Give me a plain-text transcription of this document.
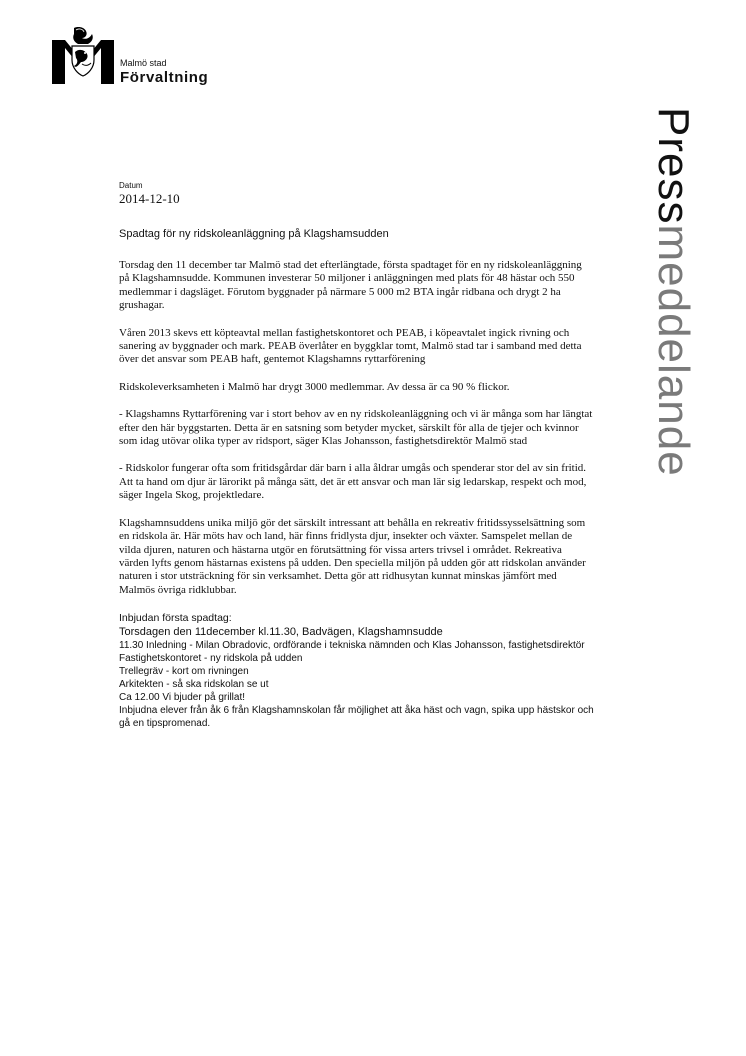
Malmö stad
Förvaltning
Pressmeddelande
Datum
2014-12-10
Spadtag för ny ridskoleanläggning på Klagshamsudden

Torsdag den 11 december tar Malmö stad det efterlängtade, första spadtaget för en ny ridskoleanläggning på Klagshamnsudde. Kommunen investerar 50 miljoner i anläggningen med plats för 48 hästar och 550 medlemmar i dagsläget. Förutom byggnader på närmare 5 000 m2 BTA ingår ridbana och drygt 2 ha grushagar.

Våren 2013 skevs ett köpteavtal mellan fastighetskontoret och PEAB, i köpeavtalet ingick rivning och sanering av byggnader och mark. PEAB överlåter en byggklar tomt, Malmö stad tar i samband med detta över det ansvar som PEAB haft, gentemot Klagshamns ryttarförening

Ridskoleverksamheten i Malmö har drygt 3000 medlemmar. Av dessa är ca 90 % flickor.

- Klagshamns Ryttarförening var i stort behov av en ny ridskoleanläggning och vi är många som har längtat efter den här byggstarten. Detta är en satsning som betyder mycket, särskilt för alla de tjejer och kvinnor som idag utövar olika typer av ridsport, säger Klas Johansson, fastighetsdirektör Malmö stad

- Ridskolor fungerar ofta som fritidsgårdar där barn i alla åldrar umgås och spenderar stor del av sin fritid. Att ta hand om djur är lärorikt på många sätt, det är ett ansvar och man lär sig ledarskap, respekt och mod, säger Ingela Skog, projektledare.

Klagshamnsuddens unika miljö gör det särskilt intressant att behålla en rekreativ fritidssysselsättning som en ridskola är. Här möts hav och land, här finns fridlysta djur, insekter och växter. Samspelet mellan de vilda djuren, naturen och hästarna utgör en förutsättning för vissa arters trivsel i området. Rekreativa värden lyfts genom hästarnas existens på udden. Den speciella miljön på udden gör att ridskolan använder naturen i stor utsträckning för sin verksamhet. Detta gör att ridhusytan kunnat minskas jämfört med Malmös övriga ridklubbar.

Inbjudan första spadtag:
Torsdagen den 11december kl.11.30, Badvägen, Klagshamnsudde
11.30 Inledning - Milan Obradovic, ordförande i tekniska nämnden och Klas Johansson, fastighetsdirektör
Fastighetskontoret - ny ridskola på udden
Trellegräv - kort om rivningen
Arkitekten - så ska ridskolan se ut
Ca 12.00 Vi bjuder på grillat!
Inbjudna elever från åk 6 från Klagshamnskolan får möjlighet att åka häst och vagn, spika upp hästskor och gå en tipspromenad.
